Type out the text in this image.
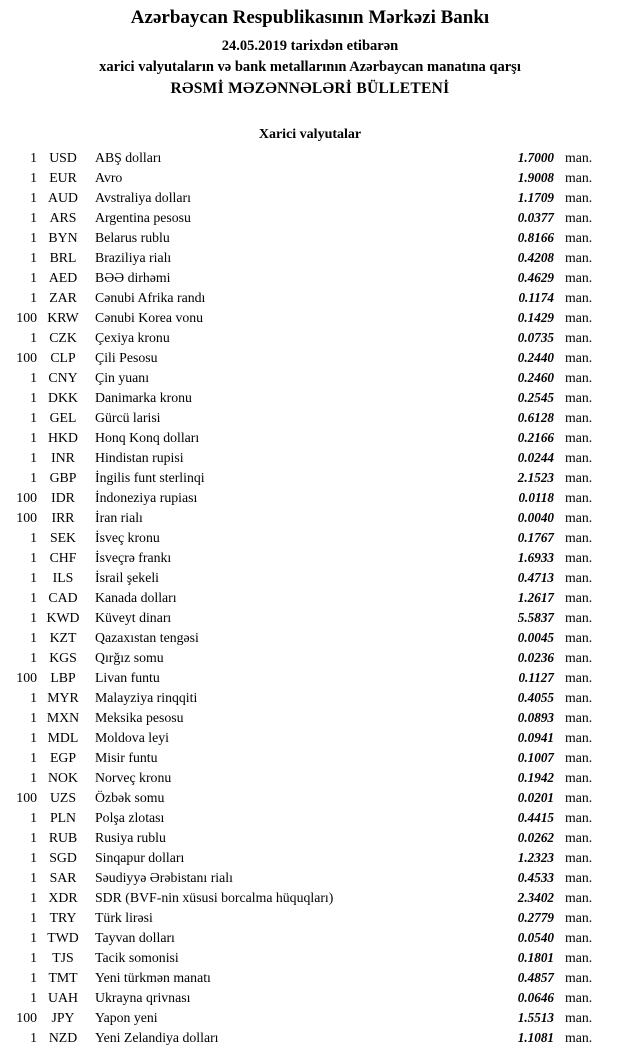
Azərbaycan Respublikasının Mərkəzi Bankı
24.05.2019 tarixdən etibarən
xarici valyutaların və bank metallarının Azərbaycan manatına qarşı
RƏSMİ MƏZƏNNƏLƏRİ BÜLLETENİ
Xarici valyutalar
1 USD	ABŞ dolları	1.7000 man.
1 EUR	Avro	1.9008 man.
1 AUD	Avstraliya dolları	1.1709 man.
1 ARS	Argentina pesosu	0.0377 man.
1 BYN	Belarus rublu	0.8166 man.
1 BRL	Braziliya rialı	0.4208 man.
1 AED	BƏƏ dirhəmi	0.4629 man.
1 ZAR	Cənubi Afrika randı	0.1174 man.
100 KRW	Cənubi Korea vonu	0.1429 man.
1 CZK	Çexiya kronu	0.0735 man.
100 CLP	Çili Pesosu	0.2440 man.
1 CNY	Çin yuanı	0.2460 man.
1 DKK	Danimarka kronu	0.2545 man.
1 GEL	Gürcü larisi	0.6128 man.
1 HKD	Honq Konq dolları	0.2166 man.
1	INR	Hindistan rupisi	0.0244 man.
1 GBP	İngilis funt sterlinqi	2.1523 man.
100	IDR	İndoneziya rupiası	0.0118 man.
100	IRR	İran rialı	0.0040 man.
1 SEK	İsveç kronu	0.1767 man.
1 CHF	İsveçrə frankı	1.6933 man.
1	ILS	İsrail şekeli	0.4713 man.
1 CAD	Kanada dolları	1.2617 man.
1 KWD	Küveyt dinarı	5.5837 man.
1 KZT	Qazaxıstan tengəsi	0.0045 man.
1 KGS	Qırğız somu	0.0236 man.
100 LBP	Livan funtu	0.1127 man.
1 MYR	Malayziya rinqqiti	0.4055 man.
1 MXN	Meksika pesosu	0.0893 man.
1 MDL	Moldova leyi	0.0941 man.
1 EGP	Misir funtu	0.1007 man.
1 NOK	Norveç kronu	0.1942 man.
100 UZS	Özbək somu	0.0201 man.
1 PLN	Polşa zlotası	0.4415 man.
1 RUB	Rusiya rublu	0.0262 man.
1 SGD	Sinqapur dolları	1.2323 man.
1 SAR	Səudiyyə Ərəbistanı rialı	0.4533 man.
1 XDR	SDR (BVF-nin xüsusi borcalma hüquqları)	2.3402 man.
1 TRY	Türk lirəsi	0.2779 man.
1 TWD	Tayvan dolları	0.0540 man.
1	TJS	Tacik somonisi	0.1801 man.
1 TMT	Yeni türkmən manatı	0.4857 man.
1 UAH	Ukrayna qrivnası	0.0646 man.
100	JPY	Yapon yeni	1.5513 man.
1 NZD	Yeni Zelandiya dolları	1.1081 man.
